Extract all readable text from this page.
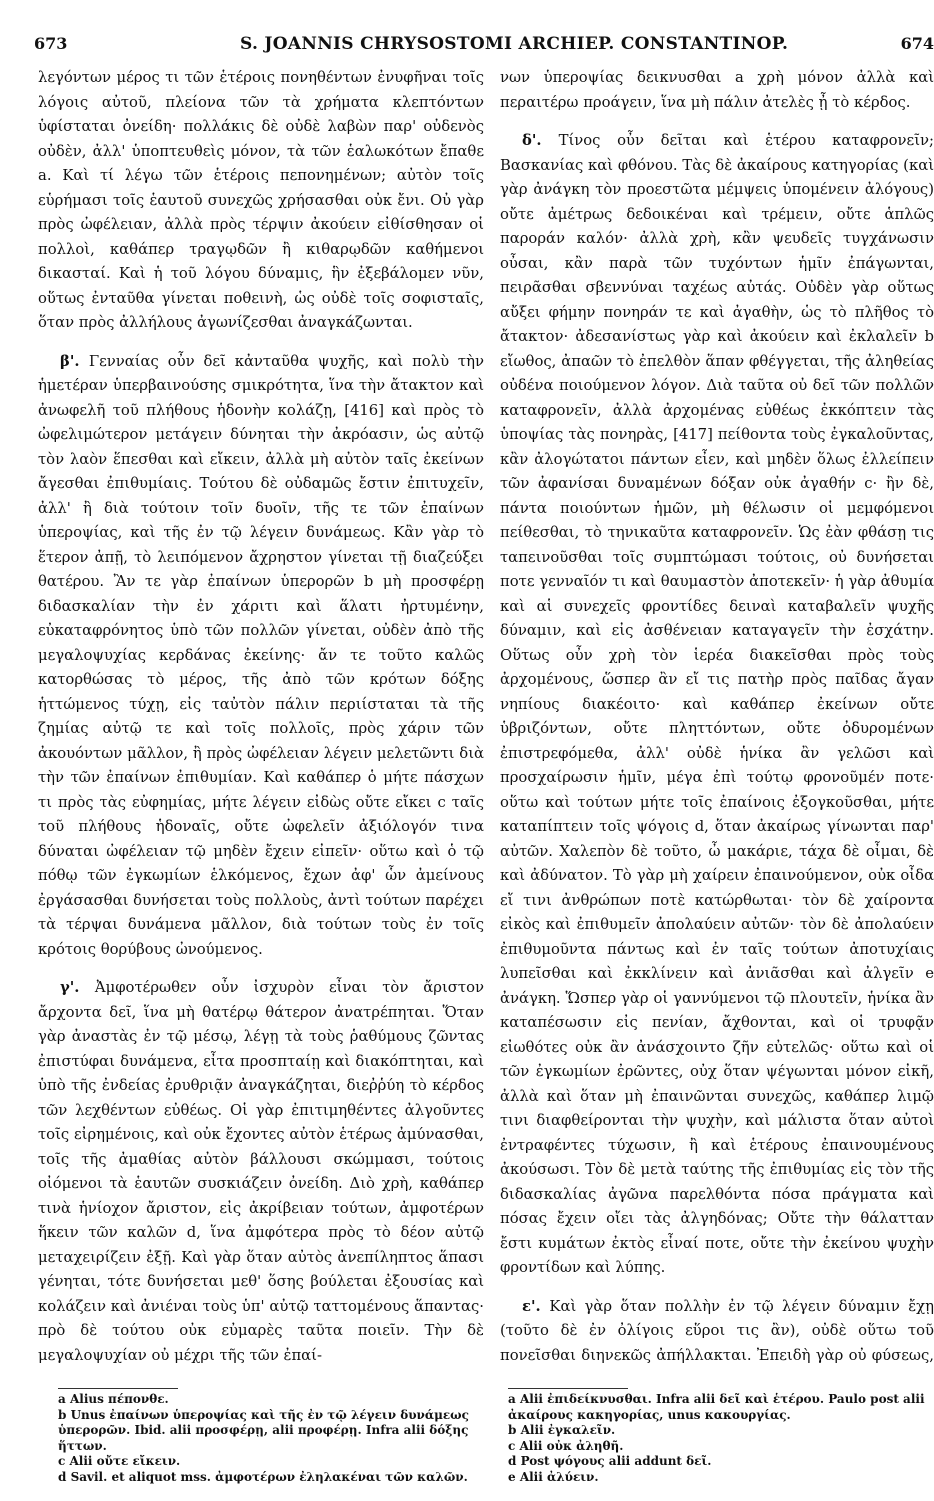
673	S. JOANNIS CHRYSOSTOMI ARCHIEP. CONSTANTINOP.	674

λεγόντων μέρος τι τῶν ἑτέροις πονηθέντων ἐνυφῆναι τοῖς λόγοις αὐτοῦ, πλείονα τῶν τὰ χρήματα κλεπτόντων ὑφίσταται ὀνείδη· πολλάκις δὲ οὐδὲ λαβὼν παρ' οὐδενὸς οὐδὲν, ἀλλ' ὑποπτευθεὶς μόνον, τὰ τῶν ἑαλωκότων ἔπαθε a. Καὶ τί λέγω τῶν ἑτέροις πεπονημένων; αὐτὸν τοῖς εὑρήμασι τοῖς ἑαυτοῦ συνεχῶς χρήσασθαι οὐκ ἔνι. Οὐ γὰρ πρὸς ὠφέλειαν, ἀλλὰ πρὸς τέρψιν ἀκούειν εἰθίσθησαν οἱ πολλοὶ, καθάπερ τραγῳδῶν ἢ κιθαρῳδῶν καθήμενοι δικασταί. Καὶ ἡ τοῦ λόγου δύναμις, ἣν ἐξεβάλομεν νῦν, οὕτως ἐνταῦθα γίνεται ποθεινὴ, ὡς οὐδὲ τοῖς σοφισταῖς, ὅταν πρὸς ἀλλήλους ἀγωνίζεσθαι ἀναγκάζωνται.

β'. Γενναίας οὖν δεῖ κἀνταῦθα ψυχῆς, καὶ πολὺ τὴν ἡμετέραν ὑπερβαινούσης σμικρότητα, ἵνα τὴν ἄτακτον καὶ ἀνωφελῆ τοῦ πλήθους ἡδονὴν κολάζῃ, [416] καὶ πρὸς τὸ ὠφελιμώτερον μετάγειν δύνηται τὴν ἀκρόασιν, ὡς αὐτῷ τὸν λαὸν ἕπεσθαι καὶ εἴκειν, ἀλλὰ μὴ αὐτὸν ταῖς ἐκείνων ἄγεσθαι ἐπιθυμίαις. Τούτου δὲ οὐδαμῶς ἔστιν ἐπιτυχεῖν, ἀλλ' ἢ διὰ τούτοιν τοῖν δυοῖν, τῆς τε τῶν ἐπαίνων ὑπεροψίας, καὶ τῆς ἐν τῷ λέγειν δυνάμεως. Κἂν γὰρ τὸ ἕτερον ἀπῇ, τὸ λειπόμενον ἄχρηστον γίνεται τῇ διαζεύξει θατέρου. Ἂν τε γὰρ ἐπαίνων ὑπερορῶν b μὴ προσφέρῃ διδασκαλίαν τὴν ἐν χάριτι καὶ ἅλατι ἠρτυμένην, εὐκαταφρόνητος ὑπὸ τῶν πολλῶν γίνεται, οὐδὲν ἀπὸ τῆς μεγαλοψυχίας κερδάνας ἐκείνης· ἄν τε τοῦτο καλῶς κατορθώσας τὸ μέρος, τῆς ἀπὸ τῶν κρότων δόξης ἡττώμενος τύχῃ, εἰς ταὐτὸν πάλιν περιίσταται τὰ τῆς ζημίας αὐτῷ τε καὶ τοῖς πολλοῖς, πρὸς χάριν τῶν ἀκουόντων μᾶλλον, ἢ πρὸς ὠφέλειαν λέγειν μελετῶντι διὰ τὴν τῶν ἐπαίνων ἐπιθυμίαν. Καὶ καθάπερ ὁ μήτε πάσχων τι πρὸς τὰς εὐφημίας, μήτε λέγειν εἰδὼς οὔτε εἴκει c ταῖς τοῦ πλήθους ἡδοναῖς, οὔτε ὠφελεῖν ἀξιόλογόν τινα δύναται ὠφέλειαν τῷ μηδὲν ἔχειν εἰπεῖν· οὕτω καὶ ὁ τῷ πόθῳ τῶν ἐγκωμίων ἑλκόμενος, ἔχων ἀφ' ὧν ἀμείνους ἐργάσασθαι δυνήσεται τοὺς πολλοὺς, ἀντὶ τούτων παρέχει τὰ τέρψαι δυνάμενα μᾶλλον, διὰ τούτων τοὺς ἐν τοῖς κρότοις θορύβους ὠνούμενος.

γ'. Ἀμφοτέρωθεν οὖν ἰσχυρὸν εἶναι τὸν ἄριστον ἄρχοντα δεῖ, ἵνα μὴ θατέρῳ θάτερον ἀνατρέπηται. Ὅταν γὰρ ἀναστὰς ἐν τῷ μέσῳ, λέγῃ τὰ τοὺς ῥαθύμους ζῶντας ἐπιστύφαι δυνάμενα, εἶτα προσπταίῃ καὶ διακόπτηται, καὶ ὑπὸ τῆς ἐνδείας ἐρυθριᾷν ἀναγκάζηται, διεῤῥύη τὸ κέρδος τῶν λεχθέντων εὐθέως. Οἱ γὰρ ἐπιτιμηθέντες ἀλγοῦντες τοῖς εἰρημένοις, καὶ οὐκ ἔχοντες αὐτὸν ἑτέρως ἀμύνασθαι, τοῖς τῆς ἀμαθίας αὐτὸν βάλλουσι σκώμμασι, τούτοις οἰόμενοι τὰ ἑαυτῶν συσκιάζειν ὀνείδη. Διὸ χρὴ, καθάπερ τινὰ ἡνίοχον ἄριστον, εἰς ἀκρίβειαν τούτων, ἀμφοτέρων ἥκειν τῶν καλῶν d, ἵνα ἀμφότερα πρὸς τὸ δέον αὐτῷ μεταχειρίζειν ἐξῇ. Καὶ γὰρ ὅταν αὐτὸς ἀνεπίληπτος ἅπασι γένηται, τότε δυνήσεται μεθ' ὅσης βούλεται ἐξουσίας καὶ κολάζειν καὶ ἀνιέναι τοὺς ὑπ' αὐτῷ ταττομένους ἅπαντας· πρὸ δὲ τούτου οὐκ εὐμαρὲς ταῦτα ποιεῖν. Τὴν δὲ μεγαλοψυχίαν οὐ μέχρι τῆς τῶν ἐπαί-

νων ὑπεροψίας δεικνυσθαι a χρὴ μόνον ἀλλὰ καὶ περαιτέρω προάγειν, ἵνα μὴ πάλιν ἀτελὲς ᾖ τὸ κέρδος.

δ'. Τίνος οὖν δεῖται καὶ ἑτέρου καταφρονεῖν; Βασκανίας καὶ φθόνου. Τὰς δὲ ἀκαίρους κατηγορίας (καὶ γὰρ ἀνάγκη τὸν προεστῶτα μέμψεις ὑπομένειν ἀλόγους) οὔτε ἀμέτρως δεδοικέναι καὶ τρέμειν, οὔτε ἁπλῶς παροράν καλόν· ἀλλὰ χρὴ, κἂν ψευδεῖς τυγχάνωσιν οὖσαι, κἂν παρὰ τῶν τυχόντων ἡμῖν ἐπάγωνται, πειρᾶσθαι σβεννύναι ταχέως αὐτάς. Οὐδὲν γὰρ οὕτως αὔξει φήμην πονηράν τε καὶ ἀγαθὴν, ὡς τὸ πλῆθος τὸ ἄτακτον· ἀδεσανίστως γὰρ καὶ ἀκούειν καὶ ἐκλαλεῖν b εἴωθος, ἀπαῶν τὸ ἐπελθὸν ἅπαν φθέγγεται, τῆς ἀληθείας οὐδένα ποιούμενον λόγον. Διὰ ταῦτα οὐ δεῖ τῶν πολλῶν καταφρονεῖν, ἀλλὰ ἀρχομένας εὐθέως ἐκκόπτειν τὰς ὑποψίας τὰς πονηρὰς, [417] πείθοντα τοὺς ἐγκαλοῦντας, κἂν ἀλογώτατοι πάντων εἶεν, καὶ μηδὲν ὅλως ἐλλείπειν τῶν ἀφανίσαι δυναμένων δόξαν οὐκ ἀγαθήν c· ἢν δὲ, πάντα ποιούντων ἡμῶν, μὴ θέλωσιν οἱ μεμφόμενοι πείθεσθαι, τὸ τηνικαῦτα καταφρονεῖν. Ὡς ἐὰν φθάσῃ τις ταπεινοῦσθαι τοῖς συμπτώμασι τούτοις, οὐ δυνήσεται ποτε γενναῖόν τι καὶ θαυμαστὸν ἀποτεκεῖν· ἡ γὰρ ἀθυμία καὶ αἱ συνεχεῖς φροντίδες δειναὶ καταβαλεῖν ψυχῆς δύναμιν, καὶ εἰς ἀσθένειαν καταγαγεῖν τὴν ἐσχάτην. Οὕτως οὖν χρὴ τὸν ἱερέα διακεῖσθαι πρὸς τοὺς ἀρχομένους, ὥσπερ ἂν εἴ τις πατὴρ πρὸς παῖδας ἄγαν νηπίους διακέοιτο· καὶ καθάπερ ἐκείνων οὔτε ὑβριζόντων, οὔτε πληττόντων, οὔτε ὀδυρομένων ἐπιστρεφόμεθα, ἀλλ' οὐδὲ ἡνίκα ἂν γελῶσι καὶ προσχαίρωσιν ἡμῖν, μέγα ἐπὶ τούτῳ φρονοῦμέν ποτε· οὕτω καὶ τούτων μήτε τοῖς ἐπαίνοις ἐξογκοῦσθαι, μήτε καταπίπτειν τοῖς ψόγοις d, ὅταν ἀκαίρως γίνωνται παρ' αὐτῶν. Χαλεπὸν δὲ τοῦτο, ὦ μακάριε, τάχα δὲ οἶμαι, δὲ καὶ ἀδύνατον. Τὸ γὰρ μὴ χαίρειν ἐπαινούμενον, οὐκ οἶδα εἴ τινι ἀνθρώπων ποτὲ κατώρθωται· τὸν δὲ χαίροντα εἰκὸς καὶ ἐπιθυμεῖν ἀπολαύειν αὐτῶν· τὸν δὲ ἀπολαύειν ἐπιθυμοῦντα πάντως καὶ ἐν ταῖς τούτων ἀποτυχίαις λυπεῖσθαι καὶ ἐκκλίνειν καὶ ἀνιᾶσθαι καὶ ἀλγεῖν e ἀνάγκη. Ὥσπερ γὰρ οἱ γαννύμενοι τῷ πλουτεῖν, ἡνίκα ἂν καταπέσωσιν εἰς πενίαν, ἄχθονται, καὶ οἱ τρυφᾷν εἰωθότες οὐκ ἂν ἀνάσχοιντο ζῆν εὐτελῶς· οὕτω καὶ οἱ τῶν ἐγκωμίων ἐρῶντες, οὐχ ὅταν ψέγωνται μόνον εἰκῆ, ἀλλὰ καὶ ὅταν μὴ ἐπαινῶνται συνεχῶς, καθάπερ λιμῷ τινι διαφθείρονται τὴν ψυχὴν, καὶ μάλιστα ὅταν αὐτοὶ ἐντραφέντες τύχωσιν, ἢ καὶ ἑτέρους ἐπαινουμένους ἀκούσωσι. Τὸν δὲ μετὰ ταύτης τῆς ἐπιθυμίας εἰς τὸν τῆς διδασκαλίας ἀγῶνα παρελθόντα πόσα πράγματα καὶ πόσας ἔχειν οἴει τὰς ἀλγηδόνας; Οὔτε τὴν θάλατταν ἔστι κυμάτων ἐκτὸς εἶναί ποτε, οὔτε τὴν ἐκείνου ψυχὴν φροντίδων καὶ λύπης.

ε'. Καὶ γὰρ ὅταν πολλὴν ἐν τῷ λέγειν δύναμιν ἔχῃ (τοῦτο δὲ ἐν ὀλίγοις εὕροι τις ἂν), οὐδὲ οὕτω τοῦ πονεῖσθαι διηνεκῶς ἀπήλλακται. Ἐπειδὴ γὰρ οὐ φύσεως,

a Alius πέπονθε.
b Unus ἐπαίνων ὑπεροψίας καὶ τῆς ἐν τῷ λέγειν δυνάμεως
ὑπερορῶν. Ibid. alii προσφέρῃ, alii προφέρῃ. Infra alii δόξης
ἥττων.
c Alii οὔτε εἴκειν.
d Savil. et aliquot mss. ἀμφοτέρων ἐληλακέναι τῶν καλῶν.
a Alii ἐπιδείκνυσθαι. Infra alii δεῖ καὶ ἑτέρου. Paulo post alii
ἀκαίρους κακηγορίας, unus κακουργίας.
b Alii ἐγκαλεῖν.
c Alii οὐκ ἀληθῆ.
d Post ψόγους alii addunt δεῖ.
e Alii ἀλύειν.
